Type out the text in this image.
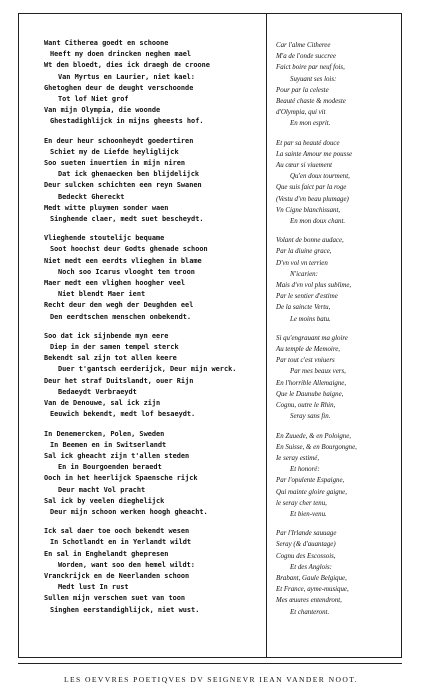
Want Citherea goedt en schoone
Heeft my doen drincken neghen mael
Wt den bloedt, dies ick draegh de croone
Van Myrtus en Laurier, niet kael:
Ghetoghen deur de deught verschoonde
Tot lof Niet grof
Van mijn Olympia, die woonde
Ghestadighlijck in mijns gheests hof.
En deur heur schoonheydt goedertiren
Schiet my de Liefde heyliglijck
Soo sueten inuertien in mijn niren
Dat ick ghenaecken ben blijdelijck
Deur sulcken schichten een reyn Swanen
Bedeckt Ghereckt
Medt witte pluymen sonder waen
Singhende claer, medt suet bescheydt.
Vlieghende stoutelijc bequame
Soot hoochst deur Godts ghenade schoon
Niet medt een eerdts vlieghen in blame
Noch soo Icarus vlooght ten troon
Maer medt een vlighen hoogher veel
Niet blendt Maer ient
Recht deur den wegh der Deughden eel
Den eerdtschen menschen onbekendt.
Soo dat ick sijnbende myn eere
Diep in der samen tempel sterck
Bekendt sal zijn tot allen keere
Duer t'gantsch eerderijck, Deur mijn werck.
Deur het straf Duitslandt, ouer Rijn
Bedaeydt Verbraeydt
Van de Denouwe, sal ick zijn
Eeuwich bekendt, medt lof besaeydt.
In Denemercken, Polen, Sweden
In Beemen en in Switserlandt
Sal ick gheacht zijn t'allen steden
En in Bourgoenden beraedt
Ooch in het heerlijck Spaensche rijck
Deur macht Vol pracht
Sal ick by veelen dieghelijck
Deur mijn schoon werken hoogh gheacht.
Ick sal daer toe ooch bekendt wesen
In Schotlandt en in Yerlandt wildt
En sal in Enghelandt ghepresen
Worden, want soo den hemel wildt:
Vranckrijck en de Neerlanden schoon
Medt lust In rust
Sullen mijn verschen suet van toon
Singhen eerstandighlijck, niet wust.
Car l'alme Citheree
M'a de l'onde succree
Faict boire par neuf fois,
Suyuant ses lois:
Pour par la celeste
Beauté chaste & modeste
d'Olympia, qui vit
En mon esprit.
Et par sa beauté douce
La sainte Amour me pousse
Au cœur si viuement
Qu'en doux tourment,
Que suis faict par la roge
(Vestu d'vn beau plumage)
Vn Cigne blanchissant,
En mon doux chant.
Volant de bonne audace,
Par la diuine grace,
D'vn vol vn terrien
N'icarien:
Mais d'vn vol plus sublime,
Par le sentier d'estime
De la saincte Vertu,
Le moins batu.
Si qu'engrauant ma gloire
Au temple de Memoire,
Par tout c'est vniuers
Par mes beaux vers,
En l'horrible Allemaigne,
Que le Daunube baigne,
Cognu, outre le Rhin,
Seray sans fin.
En Zuuede, & en Poloigne,
En Suisse, & en Bourgongne,
Ie seray estimé,
Et honoré:
Par l'opulente Espaigne,
Qui mainte gloire gaigne,
le seray cher tenu,
Et bien-venu.
Par l'Irlande sauuage
Seray (& d'auantage)
Cognu des Escossois,
Et des Anglois:
Brabant, Gaule Belgique,
Et France, ayme-musique,
Mes œuures entendront,
Et chanteront.
LES OEVVRES POETIQVES DV SEIGNEVR IEAN VANDER NOOT.
